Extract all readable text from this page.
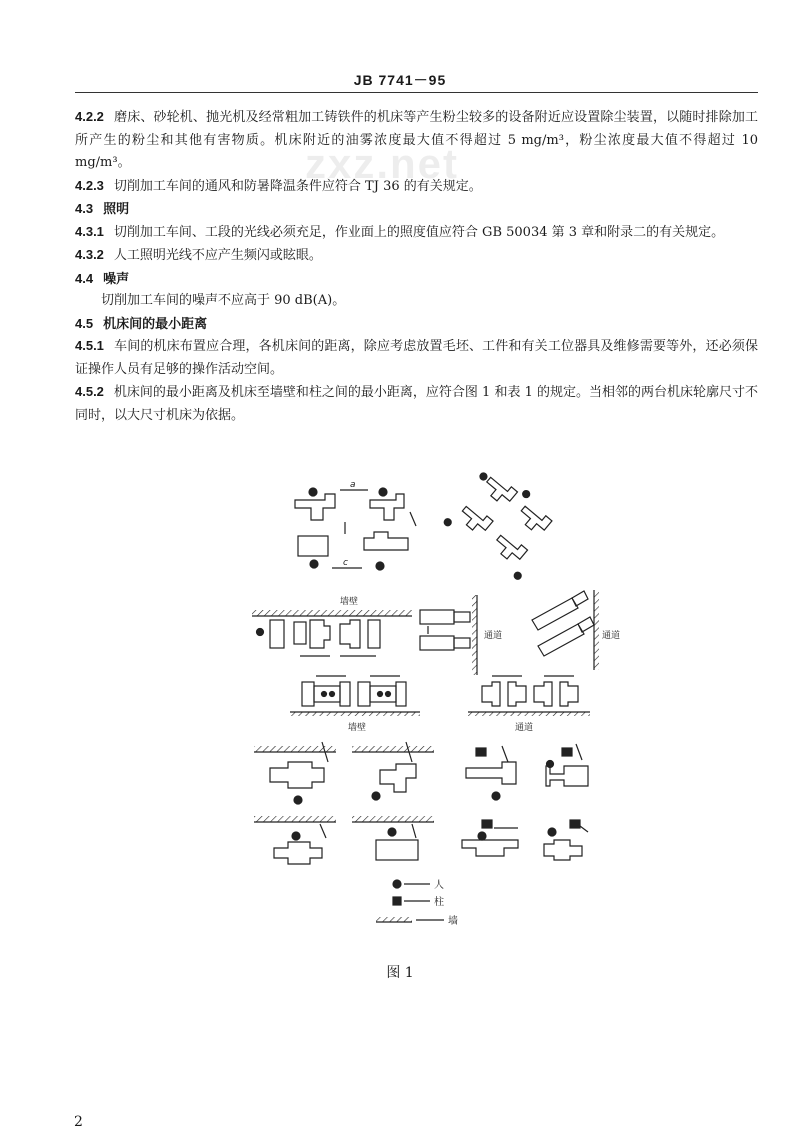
JB 7741－95
zxz.net

4.2.2 磨床、砂轮机、抛光机及经常粗加工铸铁件的机床等产生粉尘较多的设备附近应设置除尘装置，以随时排除加工所产生的粉尘和其他有害物质。机床附近的油雾浓度最大值不得超过 5 mg/m³，粉尘浓度最大值不得超过 10 mg/m³。

4.2.3 切削加工车间的通风和防暑降温条件应符合 TJ 36 的有关规定。

4.3 照明

4.3.1 切削加工车间、工段的光线必须充足，作业面上的照度值应符合 GB 50034 第 3 章和附录二的有关规定。

4.3.2 人工照明光线不应产生频闪或眩眼。

4.4 噪声

切削加工车间的噪声不应高于 90 dB(A)。

4.5 机床间的最小距离

4.5.1 车间的机床布置应合理，各机床间的距离，除应考虑放置毛坯、工件和有关工位器具及维修需要等外，还必须保证操作人员有足够的操作活动空间。

4.5.2 机床间的最小距离及机床至墙壁和柱之间的最小距离，应符合图 1 和表 1 的规定。当相邻的两台机床轮廓尺寸不同时，以大尺寸机床为依据。

a
c
墙壁
通道	通道
墙壁	通道
人
柱
墙
图 1
2
